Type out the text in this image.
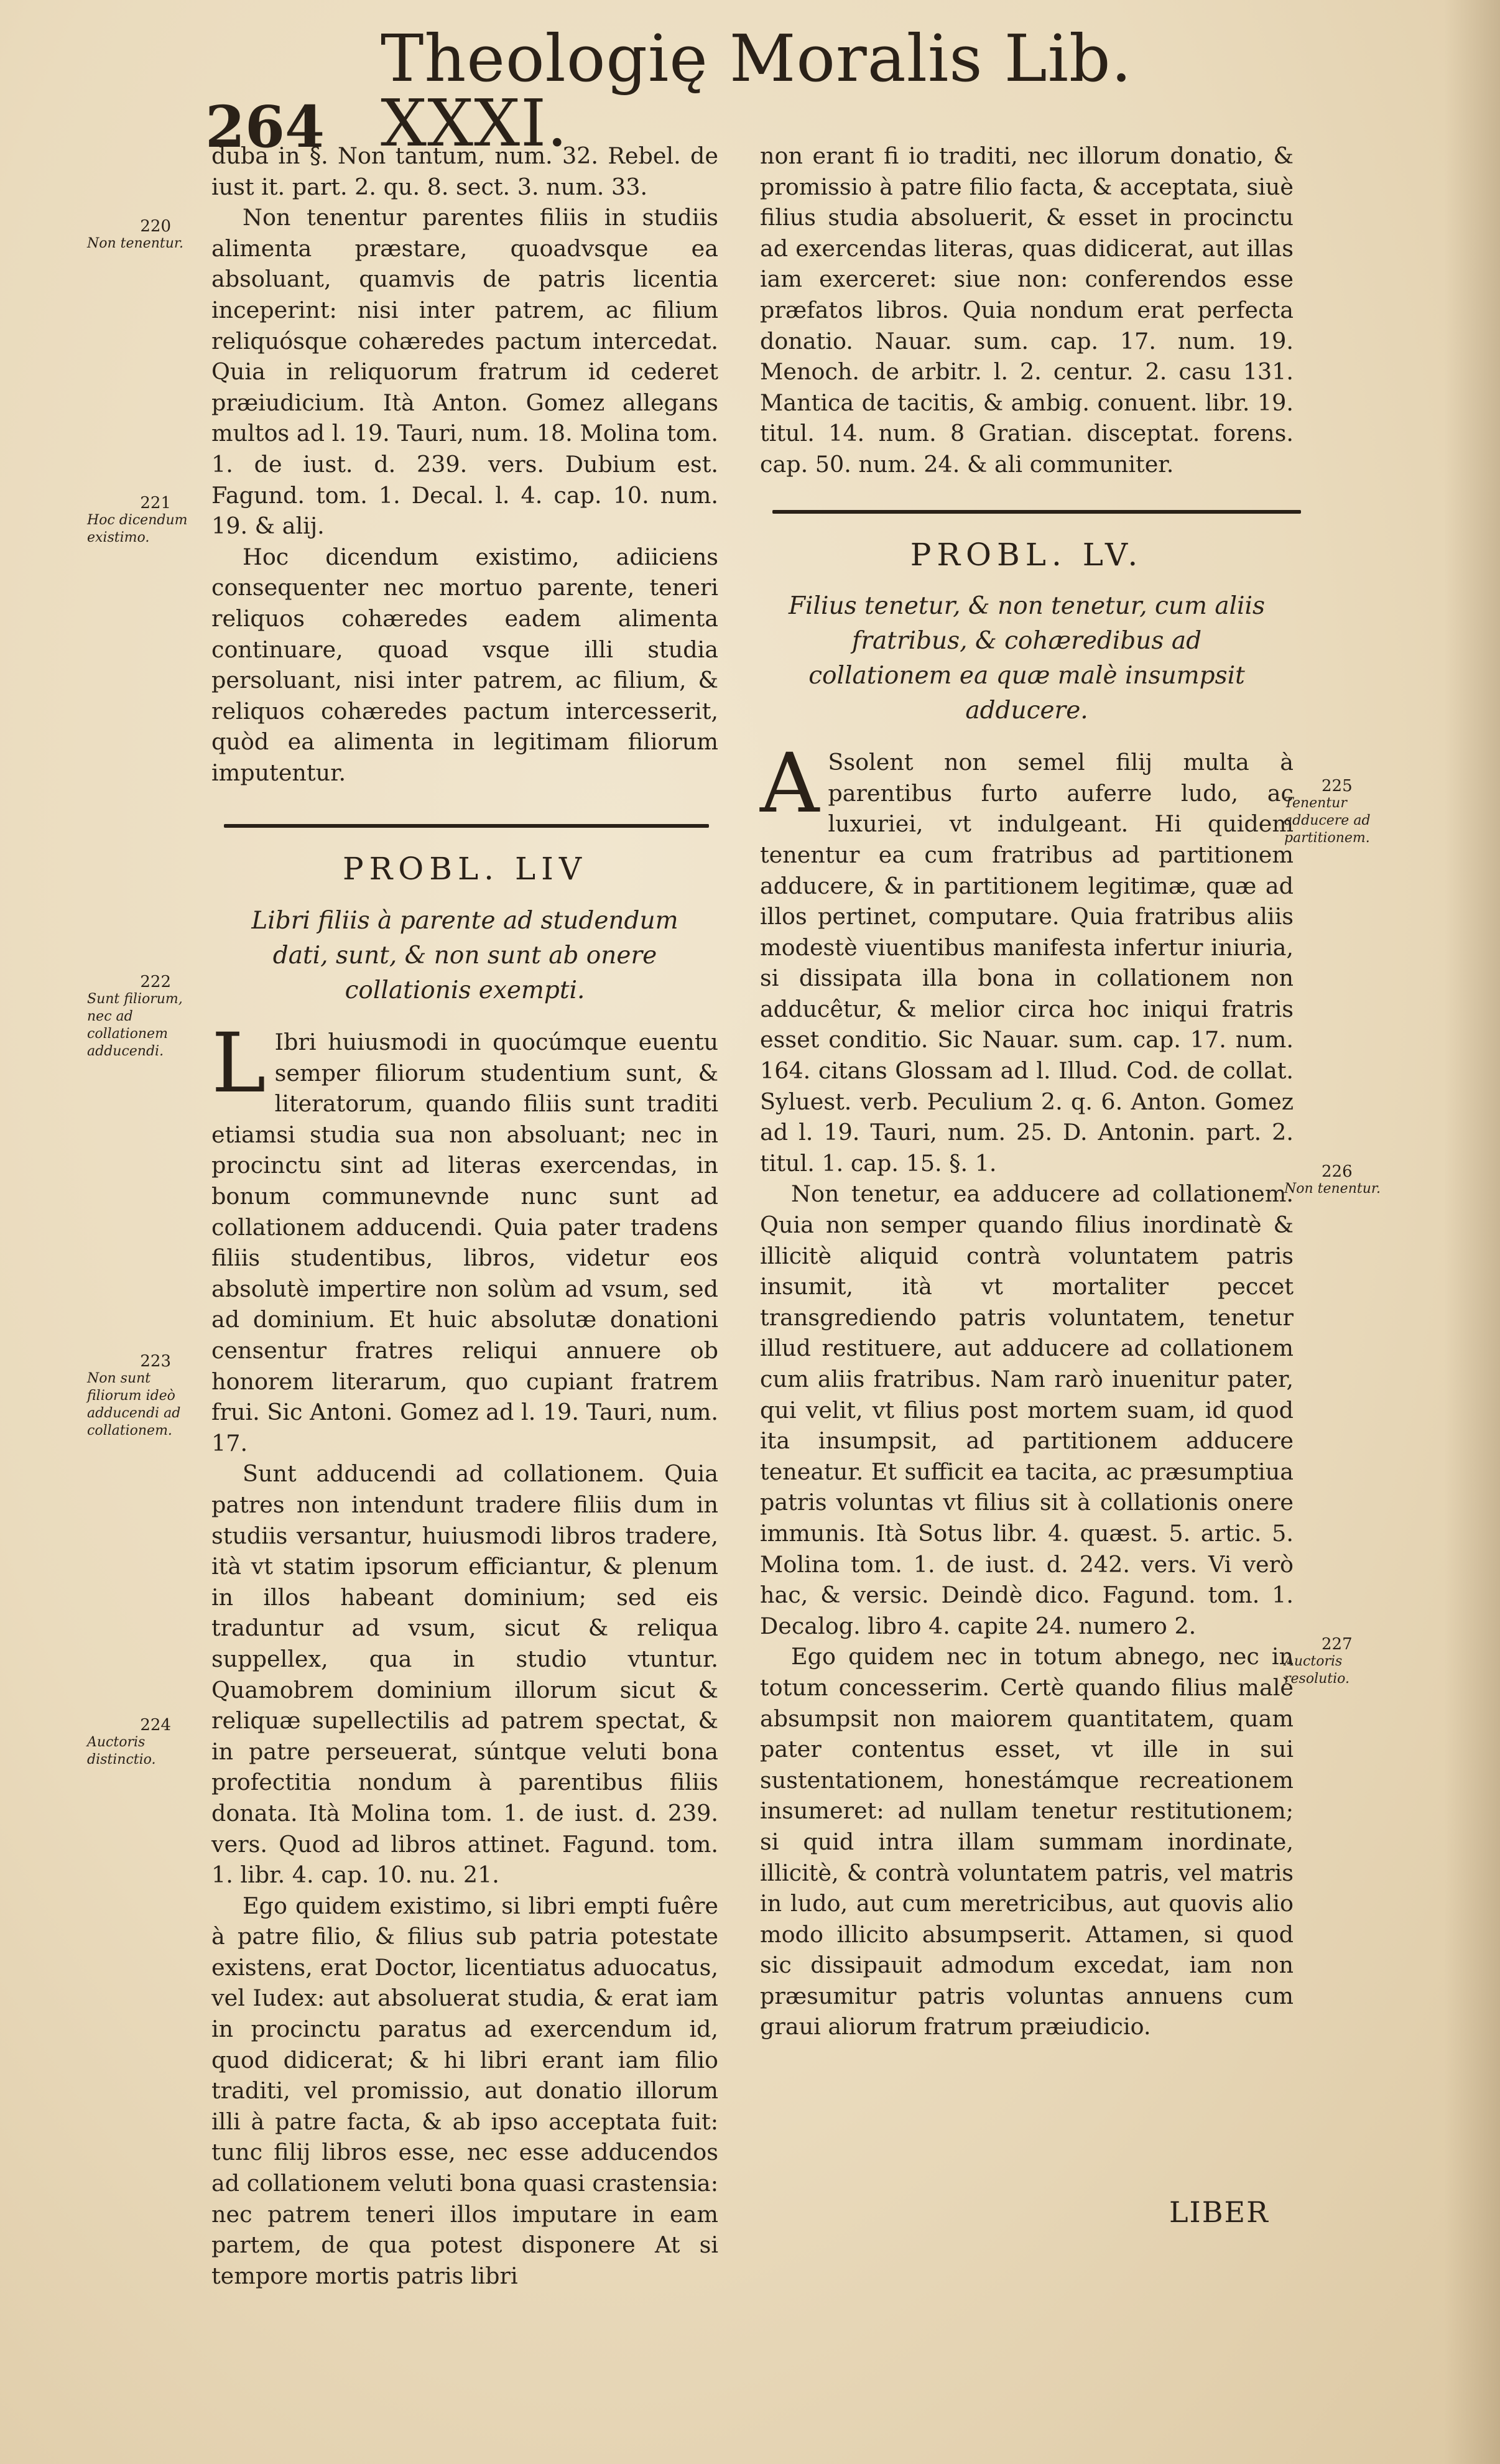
264
Theologię Moralis Lib. XXXI.
220
Non tenentur.
221
Hoc dicendum existimo.
222
Sunt filiorum, nec ad collationem adducendi.
223
Non sunt filiorum ideò adducendi ad collationem.
224
Auctoris distinctio.
225
Tenentur adducere ad partitionem.
226
Non tenentur.
227
Auctoris resolutio.

duba in §. Non tantum, num. 32. Rebel. de iust it. part. 2. qu. 8. sect. 3. num. 33.

Non tenentur parentes filiis in studiis alimenta præstare, quoadvsque ea absoluant, quamvis de patris licentia inceperint: nisi inter patrem, ac filium reliquósque cohæredes pactum intercedat. Quia in reliquorum fratrum id cederet præiudicium. Ità Anton. Gomez allegans multos ad l. 19. Tauri, num. 18. Molina tom. 1. de iust. d. 239. vers. Dubium est. Fagund. tom. 1. Decal. l. 4. cap. 10. num. 19. & alij.

Hoc dicendum existimo, adiiciens consequenter nec mortuo parente, teneri reliquos cohæredes eadem alimenta continuare, quoad vsque illi studia persoluant, nisi inter patrem, ac filium, & reliquos cohæredes pactum intercesserit, quòd ea alimenta in legitimam filiorum imputentur.

PROBL. LIV
Libri filiis à parente ad studendum dati, sunt, & non sunt ab onere collationis exempti.

L Ibri huiusmodi in quocúmque euentu semper filiorum studentium sunt, & literatorum, quando filiis sunt traditi etiamsi studia sua non absoluant; nec in procinctu sint ad literas exercendas, in bonum communevnde nunc sunt ad collationem adducendi. Quia pater tradens filiis studentibus, libros, videtur eos absolutè impertire non solùm ad vsum, sed ad dominium. Et huic absolutæ donationi censentur fratres reliqui annuere ob honorem literarum, quo cupiant fratrem frui. Sic Antoni. Gomez ad l. 19. Tauri, num. 17.

Sunt adducendi ad collationem. Quia patres non intendunt tradere filiis dum in studiis versantur, huiusmodi libros tradere, ità vt statim ipsorum efficiantur, & plenum in illos habeant dominium; sed eis traduntur ad vsum, sicut & reliqua suppellex, qua in studio vtuntur. Quamobrem dominium illorum sicut & reliquæ supellectilis ad patrem spectat, & in patre perseuerat, súntque veluti bona profectitia nondum à parentibus filiis donata. Ità Molina tom. 1. de iust. d. 239. vers. Quod ad libros attinet. Fagund. tom. 1. libr. 4. cap. 10. nu. 21.

Ego quidem existimo, si libri empti fuêre à patre filio, & filius sub patria potestate existens, erat Doctor, licentiatus aduocatus, vel Iudex: aut absoluerat studia, & erat iam in procinctu paratus ad exercendum id, quod didicerat; & hi libri erant iam filio traditi, vel promissio, aut donatio illorum illi à patre facta, & ab ipso acceptata fuit: tunc filij libros esse, nec esse adducendos ad collationem veluti bona quasi crastensia: nec patrem teneri illos imputare in eam partem, de qua potest disponere At si tempore mortis patris libri

non erant fi io traditi, nec illorum donatio, & promissio à patre filio facta, & acceptata, siuè filius studia absoluerit, & esset in procinctu ad exercendas literas, quas didicerat, aut illas iam exerceret: siue non: conferendos esse præfatos libros. Quia nondum erat perfecta donatio. Nauar. sum. cap. 17. num. 19. Menoch. de arbitr. l. 2. centur. 2. casu 131. Mantica de tacitis, & ambig. conuent. libr. 19. titul. 14. num. 8 Gratian. disceptat. forens. cap. 50. num. 24. & ali communiter.

PROBL. LV.
Filius tenetur, & non tenetur, cum aliis fratribus, & cohæredibus ad collationem ea quæ malè insumpsit adducere.

A Ssolent non semel filij multa à parentibus furto auferre ludo, ac luxuriei, vt indulgeant. Hi quidem tenentur ea cum fratribus ad partitionem adducere, & in partitionem legitimæ, quæ ad illos pertinet, computare. Quia fratribus aliis modestè viuentibus manifesta infertur iniuria, si dissipata illa bona in collationem non adducêtur, & melior circa hoc iniqui fratris esset conditio. Sic Nauar. sum. cap. 17. num. 164. citans Glossam ad l. Illud. Cod. de collat. Syluest. verb. Peculium 2. q. 6. Anton. Gomez ad l. 19. Tauri, num. 25. D. Antonin. part. 2. titul. 1. cap. 15. §. 1.

Non tenetur, ea adducere ad collationem. Quia non semper quando filius inordinatè & illicitè aliquid contrà voluntatem patris insumit, ità vt mortaliter peccet transgrediendo patris voluntatem, tenetur illud restituere, aut adducere ad collationem cum aliis fratribus. Nam rarò inuenitur pater, qui velit, vt filius post mortem suam, id quod ita insumpsit, ad partitionem adducere teneatur. Et sufficit ea tacita, ac præsumptiua patris voluntas vt filius sit à collationis onere immunis. Ità Sotus libr. 4. quæst. 5. artic. 5. Molina tom. 1. de iust. d. 242. vers. Vi verò hac, & versic. Deindè dico. Fagund. tom. 1. Decalog. libro 4. capite 24. numero 2.

Ego quidem nec in totum abnego, nec in totum concesserim. Certè quando filius malè absumpsit non maiorem quantitatem, quam pater contentus esset, vt ille in sui sustentationem, honestámque recreationem insumeret: ad nullam tenetur restitutionem; si quid intra illam summam inordinate, illicitè, & contrà voluntatem patris, vel matris in ludo, aut cum meretricibus, aut quovis alio modo illicito absumpserit. Attamen, si quod sic dissipauit admodum excedat, iam non præsumitur patris voluntas annuens cum graui aliorum fratrum præiudicio.

LIBER
